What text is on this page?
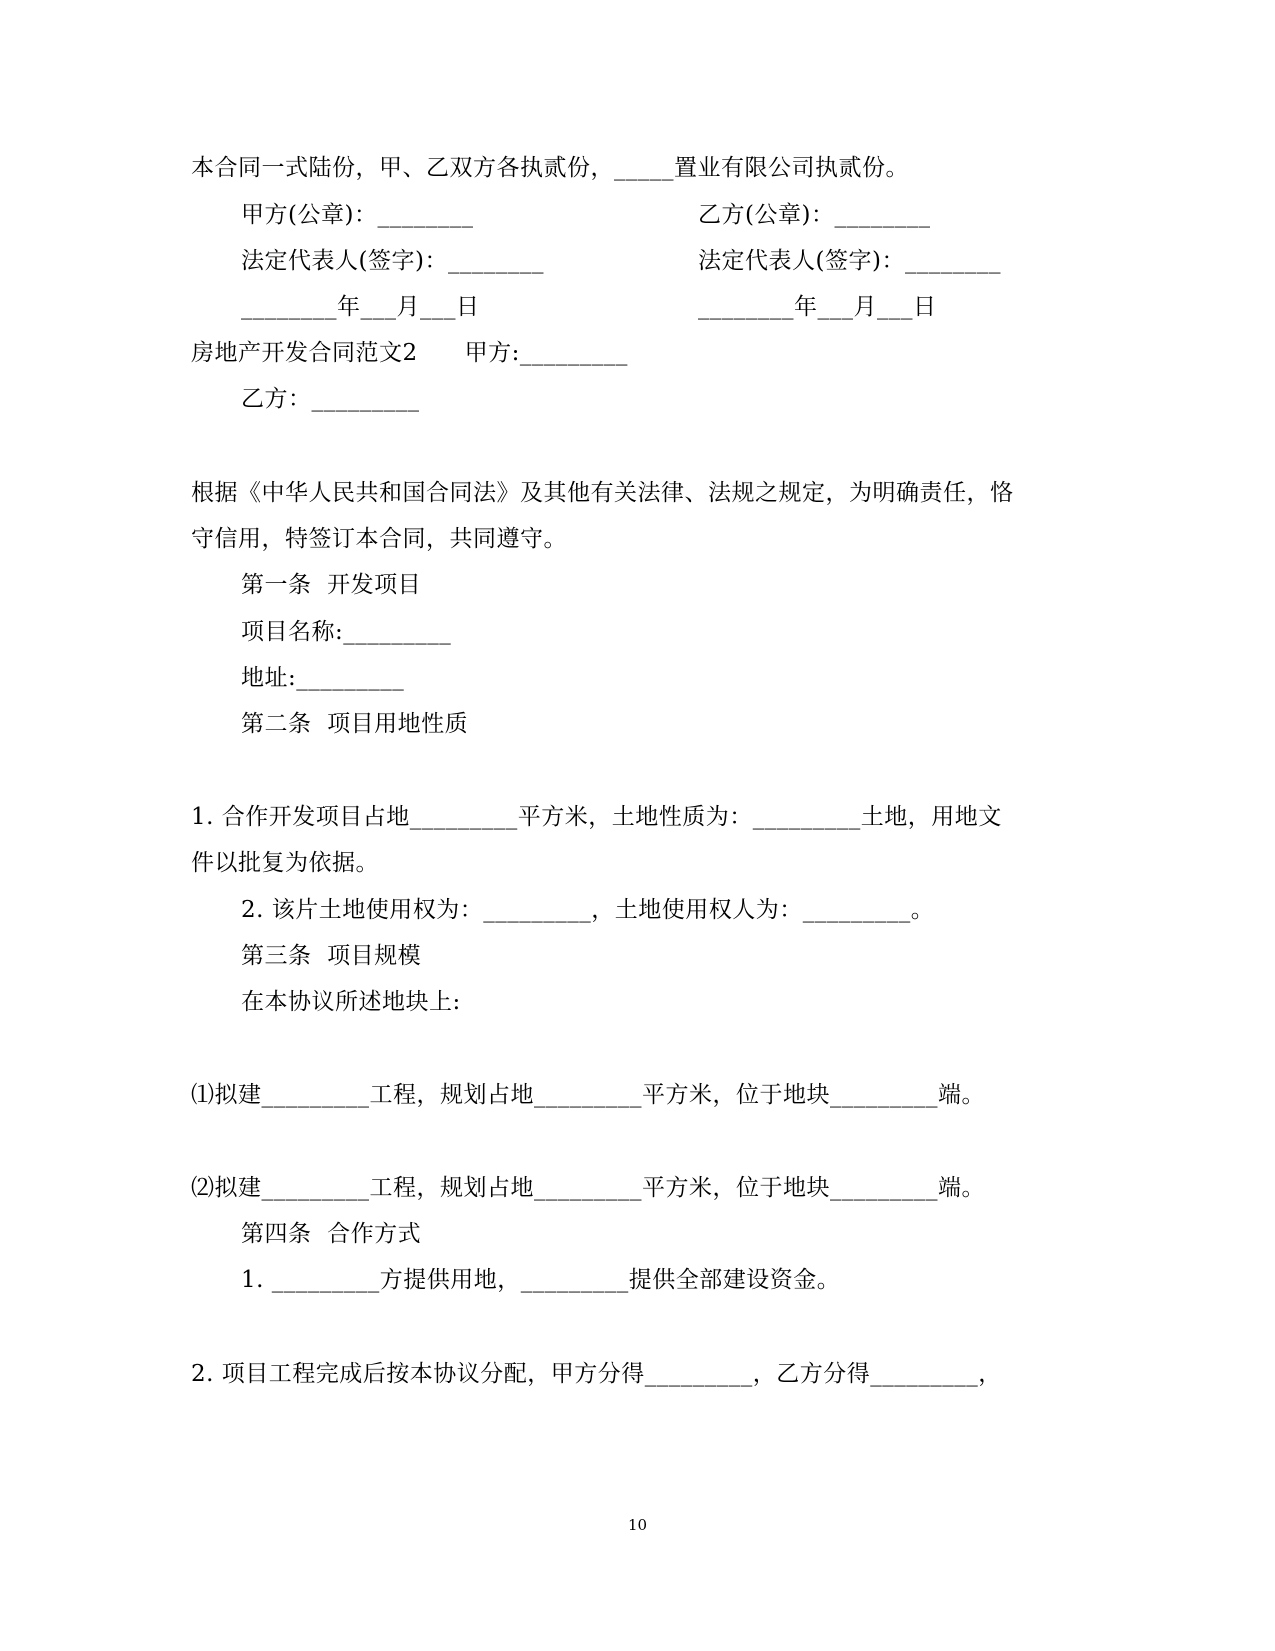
本合同一式陆份，甲、乙双方各执贰份，_____置业有限公司执贰份。
甲方(公章)：________	乙方(公章)：________
法定代表人(签字)：________	法定代表人(签字)：________
________年___月___日	________年___月___日
房地产开发合同范文2　　甲方:_________
乙方：_________
根据《中华人民共和国合同法》及其他有关法律、法规之规定，为明确责任，恪
守信用，特签订本合同，共同遵守。
第一条  开发项目
项目名称:_________
地址:_________
第二条  项目用地性质
1. 合作开发项目占地_________平方米，土地性质为：_________土地，用地文
件以批复为依据。
2. 该片土地使用权为：_________，土地使用权人为：_________。
第三条  项目规模
在本协议所述地块上:
⑴拟建_________工程，规划占地_________平方米，位于地块_________端。
⑵拟建_________工程，规划占地_________平方米，位于地块_________端。
第四条  合作方式
1. _________方提供用地，_________提供全部建设资金。
2. 项目工程完成后按本协议分配，甲方分得_________，乙方分得_________，
10
